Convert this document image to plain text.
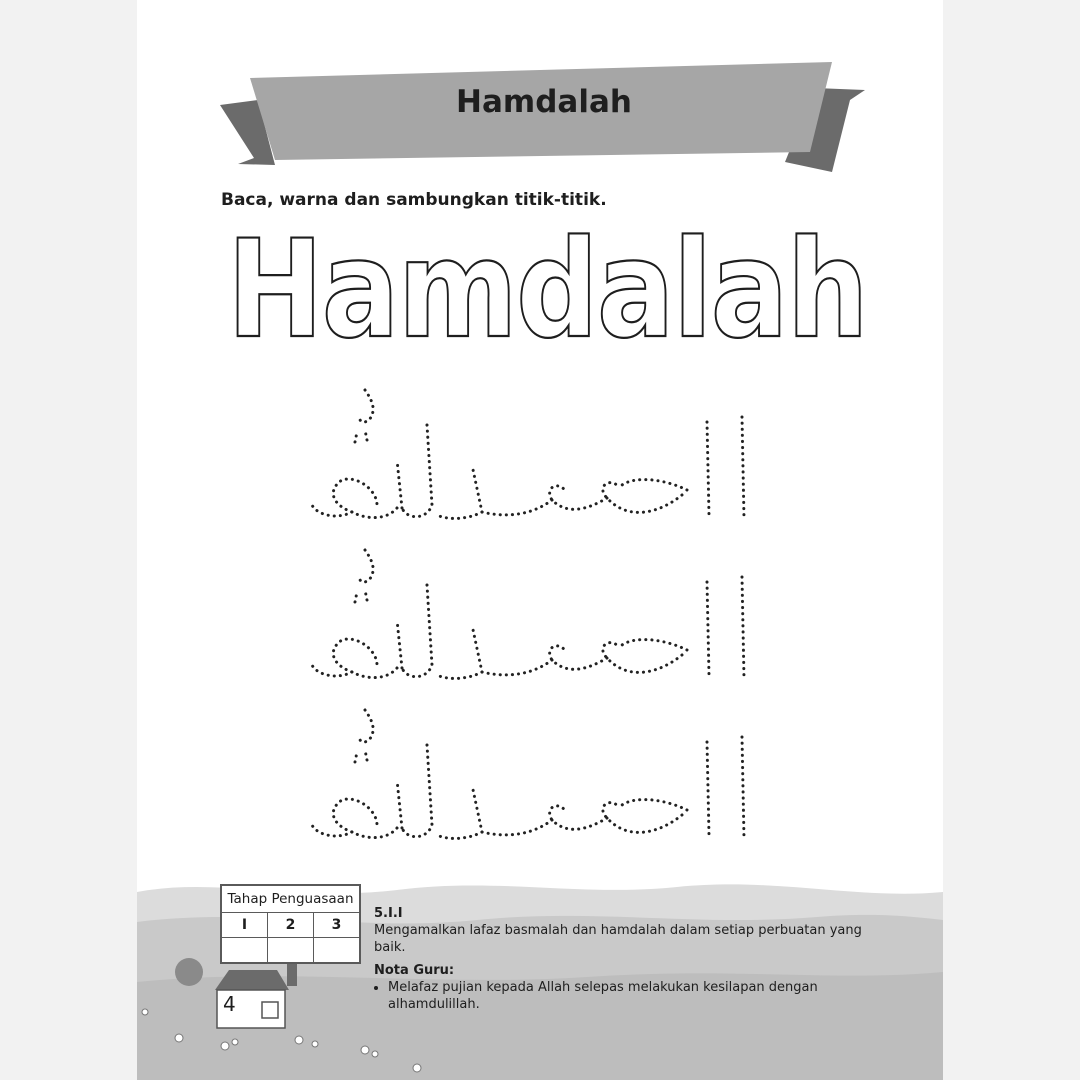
Hamdalah
Baca, warna dan sambungkan titik-titik.
Hamdalah
Tahap Penguasaan		
I	2	3

4
5.I.I
Mengamalkan lafaz basmalah dan hamdalah dalam setiap perbuatan yang baik.
Nota Guru:
• Melafaz pujian kepada Allah selepas melakukan kesilapan dengan alhamdulillah.
